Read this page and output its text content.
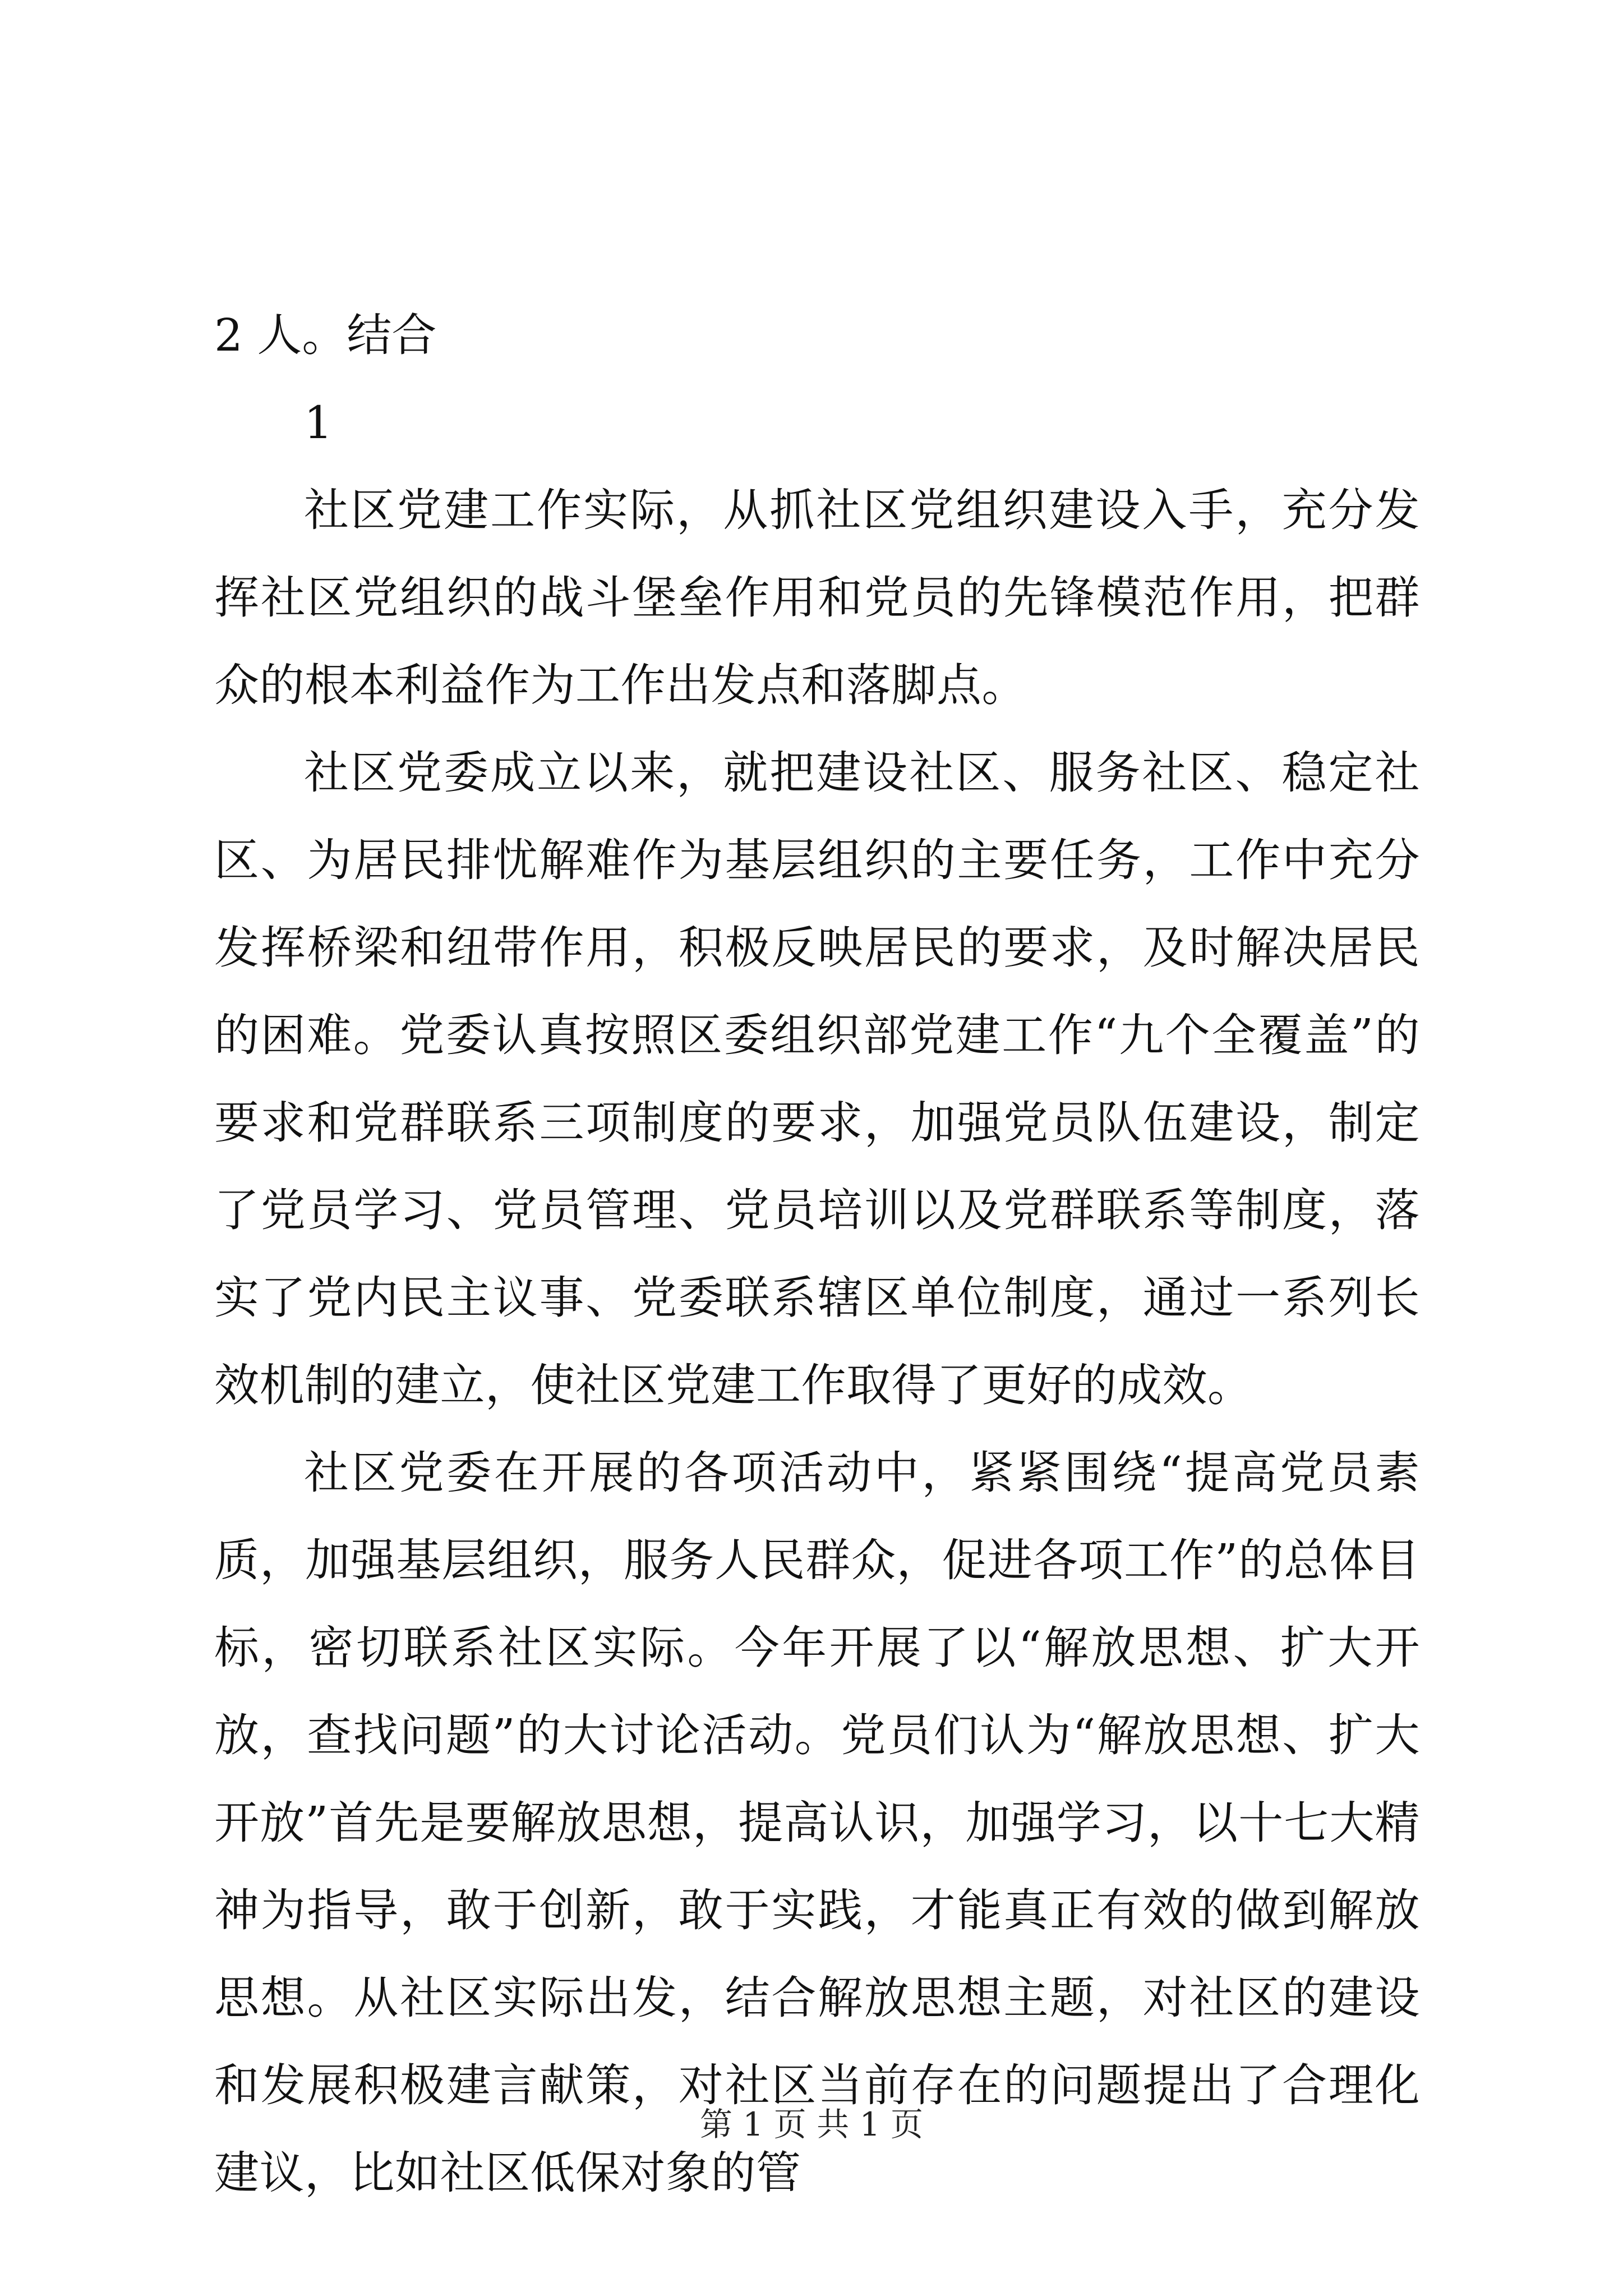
2 人。结合
1

社区党建工作实际，从抓社区党组织建设入手，充分发挥社区党组织的战斗堡垒作用和党员的先锋模范作用，把群众的根本利益作为工作出发点和落脚点。

社区党委成立以来，就把建设社区、服务社区、稳定社区、为居民排忧解难作为基层组织的主要任务，工作中充分发挥桥梁和纽带作用，积极反映居民的要求，及时解决居民的困难。党委认真按照区委组织部党建工作“九个全覆盖”的要求和党群联系三项制度的要求，加强党员队伍建设，制定了党员学习、党员管理、党员培训以及党群联系等制度，落实了党内民主议事、党委联系辖区单位制度，通过一系列长效机制的建立，使社区党建工作取得了更好的成效。

社区党委在开展的各项活动中，紧紧围绕“提高党员素质，加强基层组织，服务人民群众，促进各项工作”的总体目标，密切联系社区实际。今年开展了以“解放思想、扩大开放，查找问题”的大讨论活动。党员们认为“解放思想、扩大开放”首先是要解放思想，提高认识，加强学习，以十七大精神为指导，敢于创新，敢于实践，才能真正有效的做到解放思想。从社区实际出发，结合解放思想主题，对社区的建设和发展积极建言献策，对社区当前存在的问题提出了合理化建议，比如社区低保对象的管

第 1 页 共 1 页
